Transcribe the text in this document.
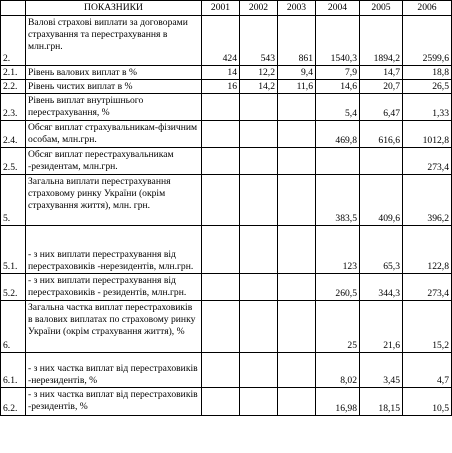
	ПОКАЗНИКИ	2001	2002	2003	2004	2005	2006
2.	Валові страхові виплати за договорами страхування та перестрахування в млн.грн.	424	543	861	1540,3	1894,2	2599,6
2.1.	Рівень валових виплат в %	14	12,2	9,4	7,9	14,7	18,8
2.2.	Рівень чистих виплат в %	16	14,2	11,6	14,6	20,7	26,5
2.3.	Рівень виплат внутрішнього перестрахування, %				5,4	6,47	1,33
2.4.	Обсяг виплат страхувальникам-фізичним особам, млн.грн.				469,8	616,6	1012,8
2.5.	Обсяг виплат перестрахувальникам -резидентам, млн.грн.						273,4
5.	Загальна виплати перестрахування страховому ринку України (окрім страхування життя), млн. грн.				383,5	409,6	396,2
5.1.	- з них виплати перестрахування від перестраховиків -нерезидентів, млн.грн.				123	65,3	122,8
5.2.	- з них виплати перестрахування від перестраховиків - резидентів, млн.грн.				260,5	344,3	273,4
6.	Загальна частка виплат перестраховиків в валових виплатах по страховому ринку України (окрім страхування життя), %				25	21,6	15,2
6.1.	- з них частка виплат від перестраховиків -нерезидентів, %				8,02	3,45	4,7
6.2.	- з них частка виплат від перестраховиків -резидентів, %				16,98	18,15	10,5
